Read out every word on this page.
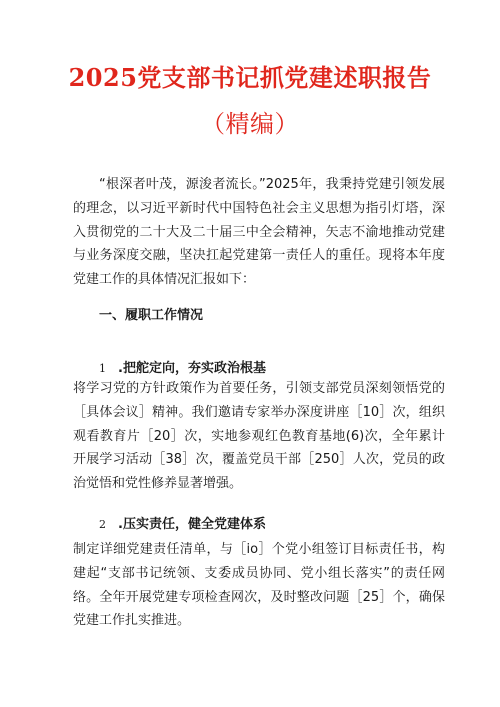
2025党支部书记抓党建述职报告
（精编）

“根深者叶茂，源浚者流长。”2025年，我秉持党建引领发展的理念，以习近平新时代中国特色社会主义思想为指引灯塔，深入贯彻党的二十大及二十届三中全会精神，矢志不渝地推动党建与业务深度交融，坚决扛起党建第一责任人的重任。现将本年度党建工作的具体情况汇报如下：

一、履职工作情况

1 .把舵定向，夯实政治根基

将学习党的方针政策作为首要任务，引领支部党员深刻领悟党的［具体会议］精神。我们邀请专家举办深度讲座［10］次，组织观看教育片［20］次，实地参观红色教育基地(6)次，全年累计开展学习活动［38］次，覆盖党员干部［250］人次，党员的政治觉悟和党性修养显著增强。

2 .压实责任，健全党建体系

制定详细党建责任清单，与［io］个党小组签订目标责任书，构建起“支部书记统领、支委成员协同、党小组长落实”的责任网络。全年开展党建专项检查网次，及时整改问题［25］个，确保党建工作扎实推进。
